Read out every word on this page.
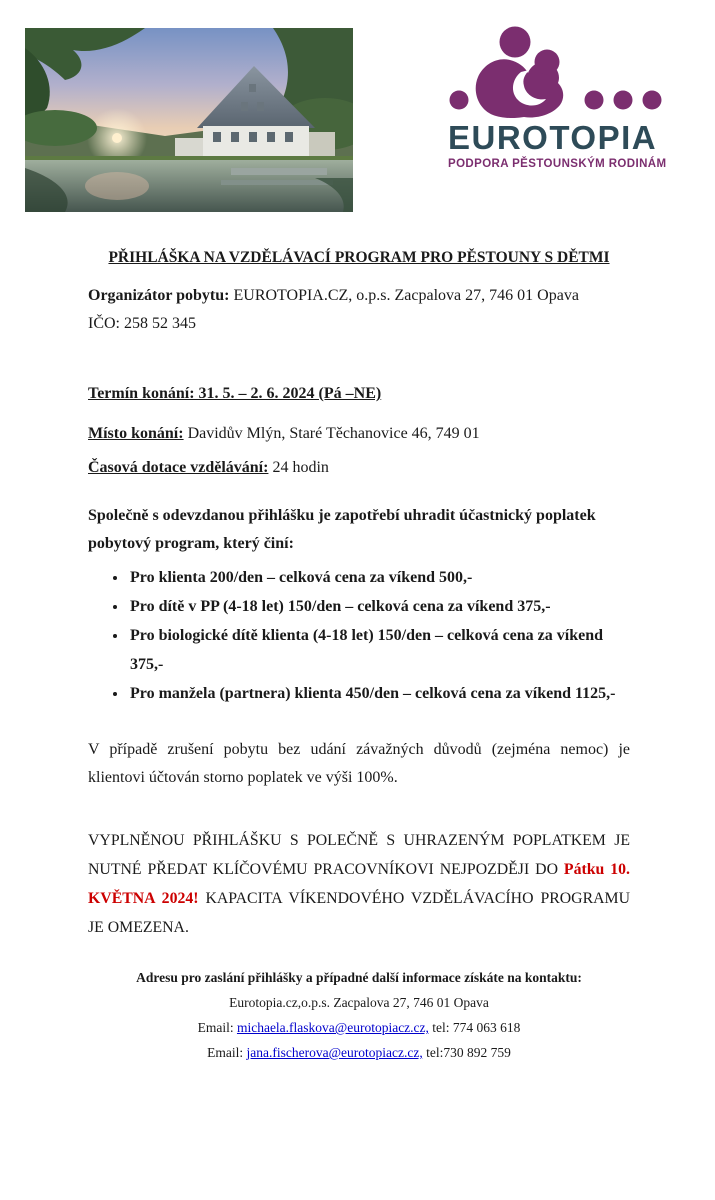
EUROTOPIA
PODPORA PĚSTOUNSKÝM RODINÁM
PŘIHLÁŠKA NA VZDĚLÁVACÍ PROGRAM PRO PĚSTOUNY S DĚTMI
Organizátor pobytu: EUROTOPIA.CZ, o.p.s. Zacpalova 27, 746 01 Opava
IČO: 258 52 345
Termín konání: 31. 5. – 2. 6. 2024 (Pá –NE)
Místo konání: Davidův Mlýn, Staré Těchanovice 46, 749 01
Časová dotace vzdělávání: 24 hodin
Společně s odevzdanou přihlášku je zapotřebí uhradit účastnický poplatek pobytový program, který činí:
• Pro klienta 200/den – celková cena za víkend 500,-
• Pro dítě v PP (4-18 let) 150/den – celková cena za víkend 375,-
• Pro biologické dítě klienta (4-18 let) 150/den – celková cena za víkend 375,-
• Pro manžela (partnera) klienta 450/den – celková cena za víkend 1125,-
V případě zrušení pobytu bez udání závažných důvodů (zejména nemoc) je klientovi účtován storno poplatek ve výši 100%.
VYPLNĚNOU PŘIHLÁŠKU S POLEČNĚ S UHRAZENÝM POPLATKEM JE NUTNÉ PŘEDAT KLÍČOVÉMU PRACOVNÍKOVI NEJPOZDĚJI DO Pátku 10. KVĚTNA 2024! KAPACITA VÍKENDOVÉHO VZDĚLÁVACÍHO PROGRAMU JE OMEZENA.
Adresu pro zaslání přihlášky a případné další informace získáte na kontaktu:
Eurotopia.cz,o.p.s. Zacpalova 27, 746 01 Opava
Email: michaela.flaskova@eurotopiacz.cz, tel: 774 063 618
Email: jana.fischerova@eurotopiacz.cz, tel:730 892 759
